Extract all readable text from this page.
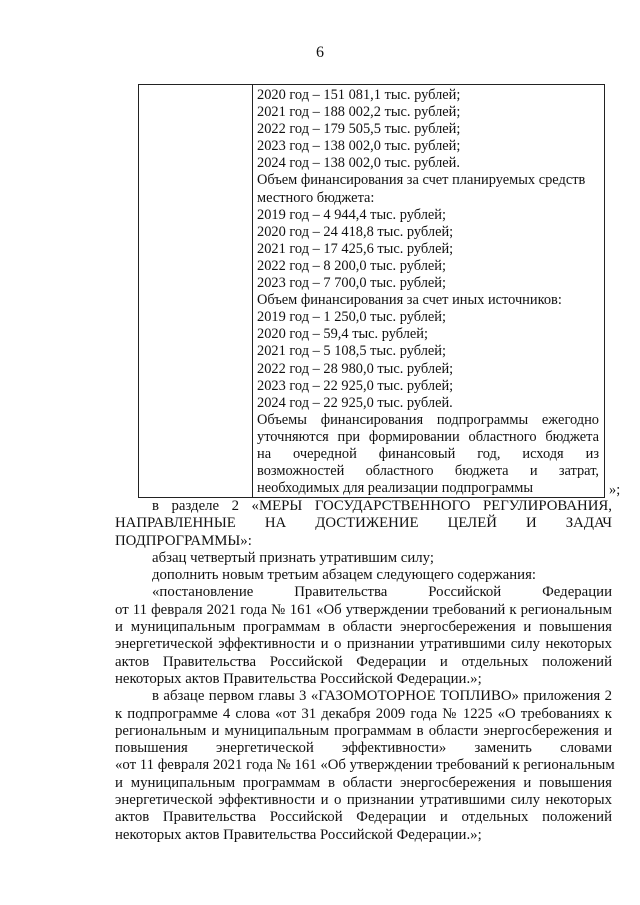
6
2020 год – 151 081,1 тыс. рублей;
2021 год – 188 002,2 тыс. рублей;
2022 год – 179 505,5 тыс. рублей;
2023 год – 138 002,0 тыс. рублей;
2024 год – 138 002,0 тыс. рублей.
Объем финансирования за счет планируемых средств
местного бюджета:
2019 год – 4 944,4 тыс. рублей;
2020 год – 24 418,8 тыс. рублей;
2021 год – 17 425,6 тыс. рублей;
2022 год – 8 200,0 тыс. рублей;
2023 год – 7 700,0 тыс. рублей;
Объем финансирования за счет иных источников:
2019 год – 1 250,0 тыс. рублей;
2020 год – 59,4 тыс. рублей;
2021 год – 5 108,5 тыс. рублей;
2022 год – 28 980,0 тыс. рублей;
2023 год – 22 925,0 тыс. рублей;
2024 год – 22 925,0 тыс. рублей.
Объемы финансирования подпрограммы ежегодно
уточняются при формировании областного бюджета
на очередной финансовый год, исходя из
возможностей областного бюджета и затрат,
необходимых для реализации подпрограммы	»;
в разделе 2 «МЕРЫ ГОСУДАРСТВЕННОГО РЕГУЛИРОВАНИЯ,
НАПРАВЛЕННЫЕ НА ДОСТИЖЕНИЕ ЦЕЛЕЙ И ЗАДАЧ
ПОДПРОГРАММЫ»:
абзац четвертый признать утратившим силу;
дополнить новым третьим абзацем следующего содержания:
«постановление Правительства Российской Федерации
от 11 февраля 2021 года № 161 «Об утверждении требований к региональным
и муниципальным программам в области энергосбережения и повышения
энергетической эффективности и о признании утратившими силу некоторых
актов Правительства Российской Федерации и отдельных положений
некоторых актов Правительства Российской Федерации.»;
в абзаце первом главы 3 «ГАЗОМОТОРНОЕ ТОПЛИВО» приложения 2
к подпрограмме 4 слова «от 31 декабря 2009 года № 1225 «О требованиях к
региональным и муниципальным программам в области энергосбережения и
повышения энергетической эффективности» заменить словами
«от 11 февраля 2021 года № 161 «Об утверждении требований к региональным
и муниципальным программам в области энергосбережения и повышения
энергетической эффективности и о признании утратившими силу некоторых
актов Правительства Российской Федерации и отдельных положений
некоторых актов Правительства Российской Федерации.»;
